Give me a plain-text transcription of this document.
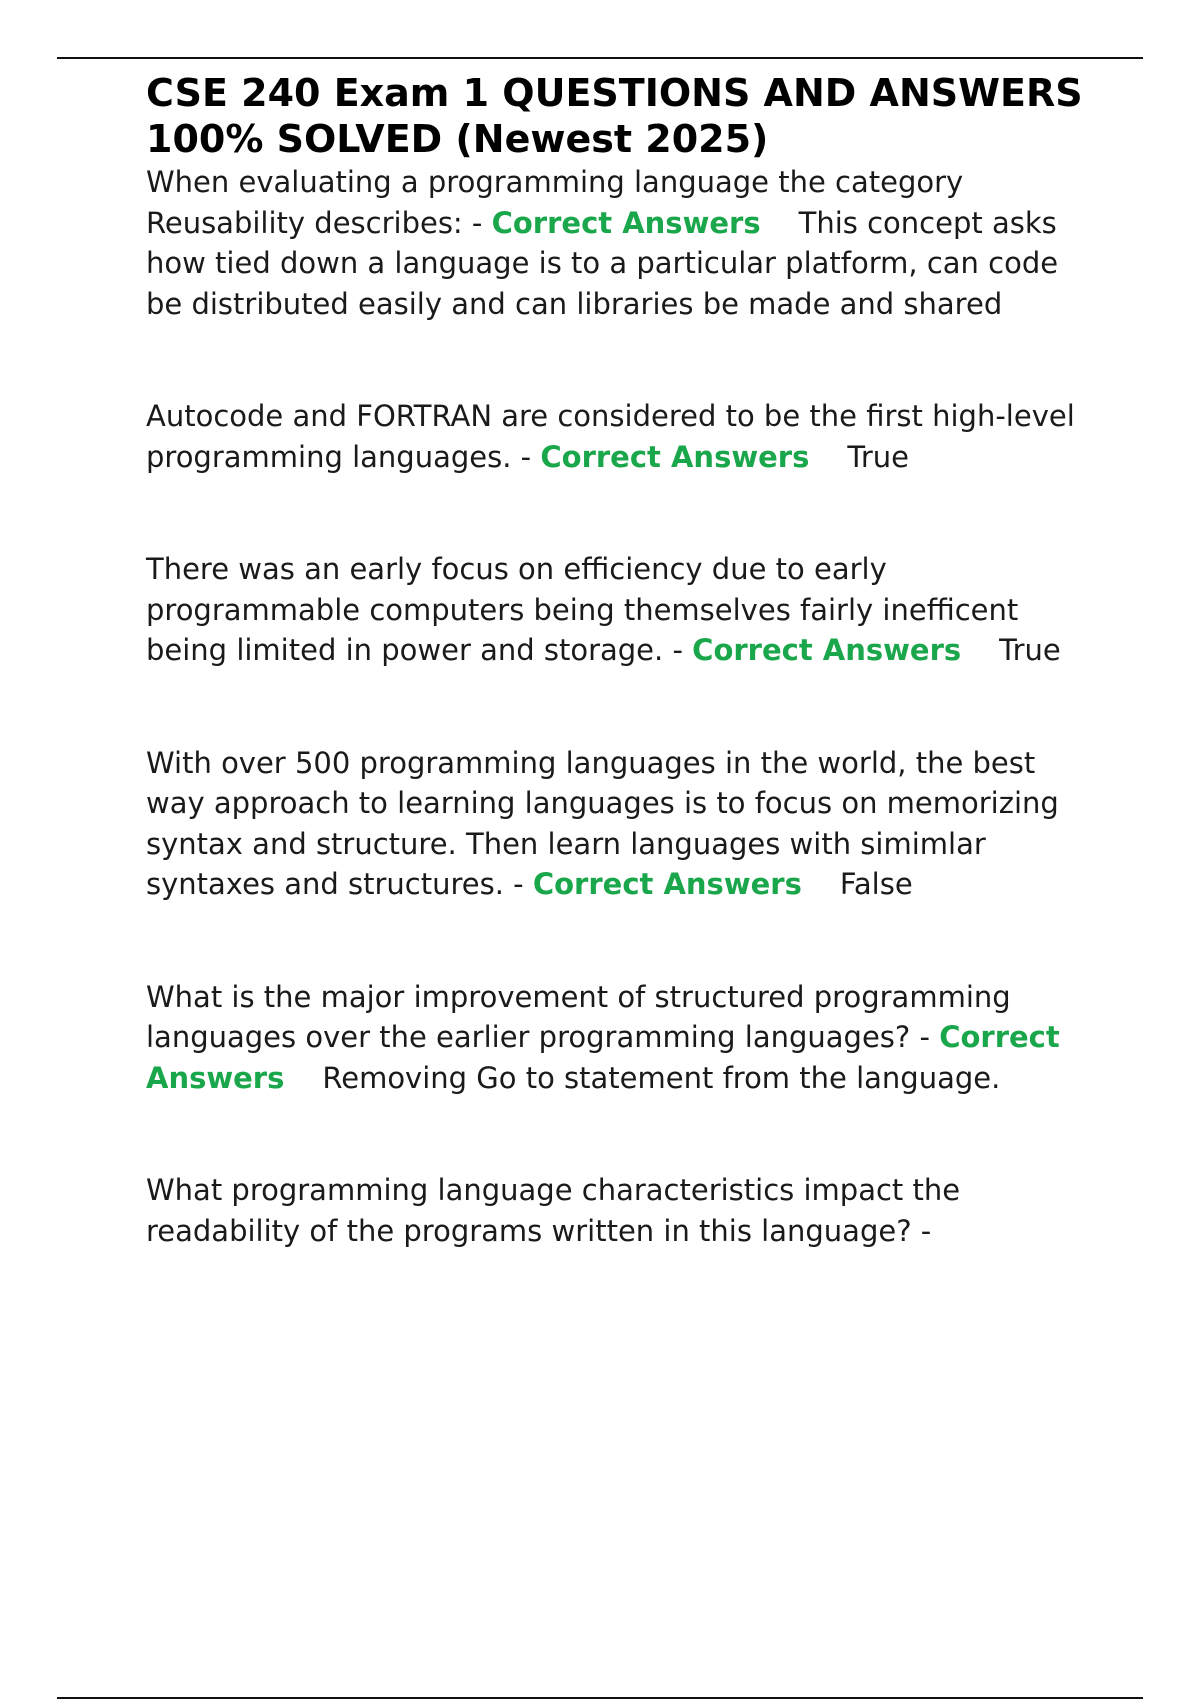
CSE 240 Exam 1 QUESTIONS AND ANSWERS 100% SOLVED (Newest 2025)

When evaluating a programming language the category Reusability describes: - Correct Answers This concept asks how tied down a language is to a particular platform, can code be distributed easily and can libraries be made and shared

Autocode and FORTRAN are considered to be the first high-level programming languages. - Correct Answers True

There was an early focus on efficiency due to early programmable computers being themselves fairly inefficent being limited in power and storage. - Correct Answers True

With over 500 programming languages in the world, the best way approach to learning languages is to focus on memorizing syntax and structure. Then learn languages with simimlar syntaxes and structures. - Correct Answers False

What is the major improvement of structured programming languages over the earlier programming languages? - Correct Answers Removing Go to statement from the language.

What programming language characteristics impact the readability of the programs written in this language? -
